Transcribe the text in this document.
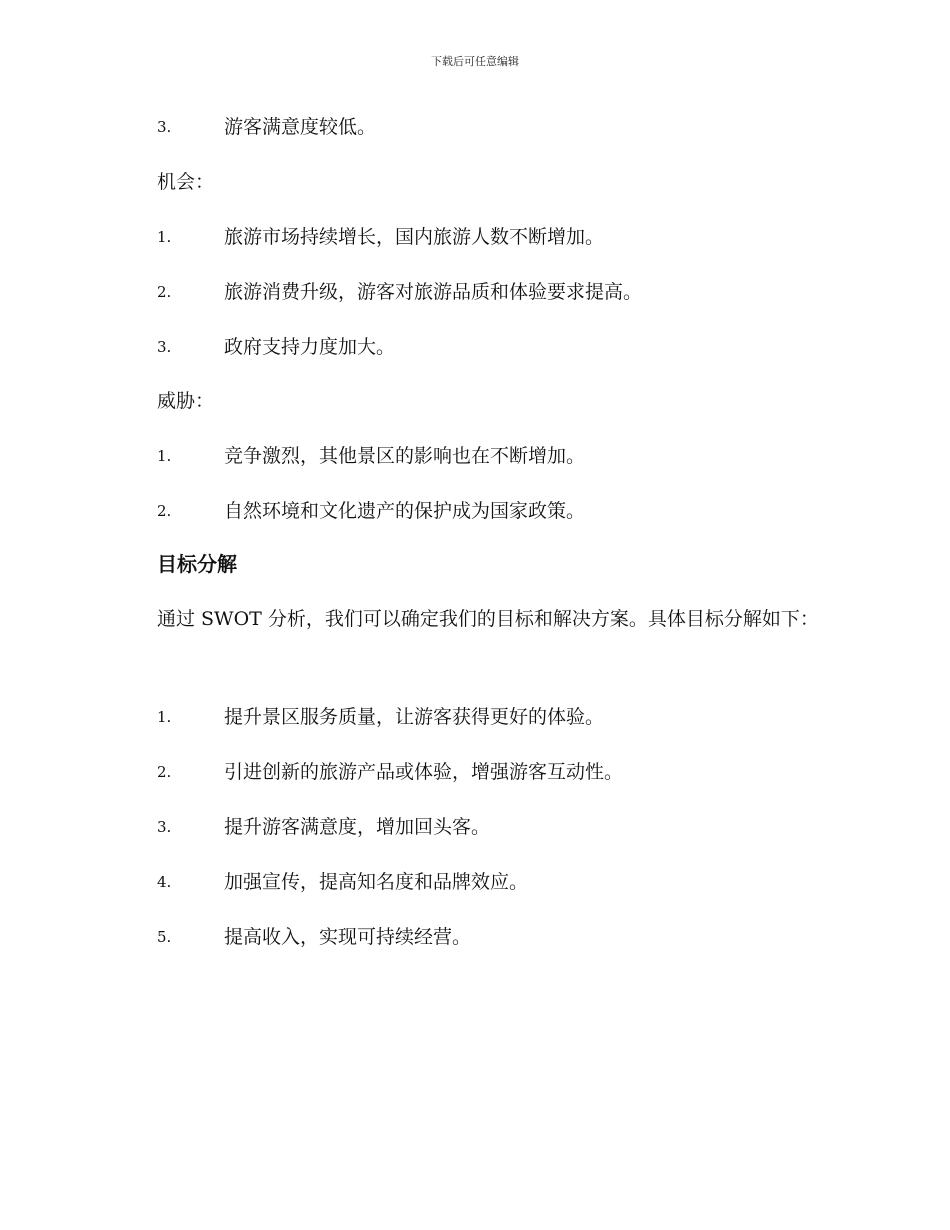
下载后可任意编辑
3.	游客满意度较低。
机会：
1.	旅游市场持续增长，国内旅游人数不断增加。
2.	旅游消费升级，游客对旅游品质和体验要求提高。
3.	政府支持力度加大。
威胁：
1.	竞争激烈，其他景区的影响也在不断增加。
2.	自然环境和文化遗产的保护成为国家政策。
目标分解
通过 SWOT 分析，我们可以确定我们的目标和解决方案。具体目标分解如下：
1.	提升景区服务质量，让游客获得更好的体验。
2.	引进创新的旅游产品或体验，增强游客互动性。
3.	提升游客满意度，增加回头客。
4.	加强宣传，提高知名度和品牌效应。
5.	提高收入，实现可持续经营。
